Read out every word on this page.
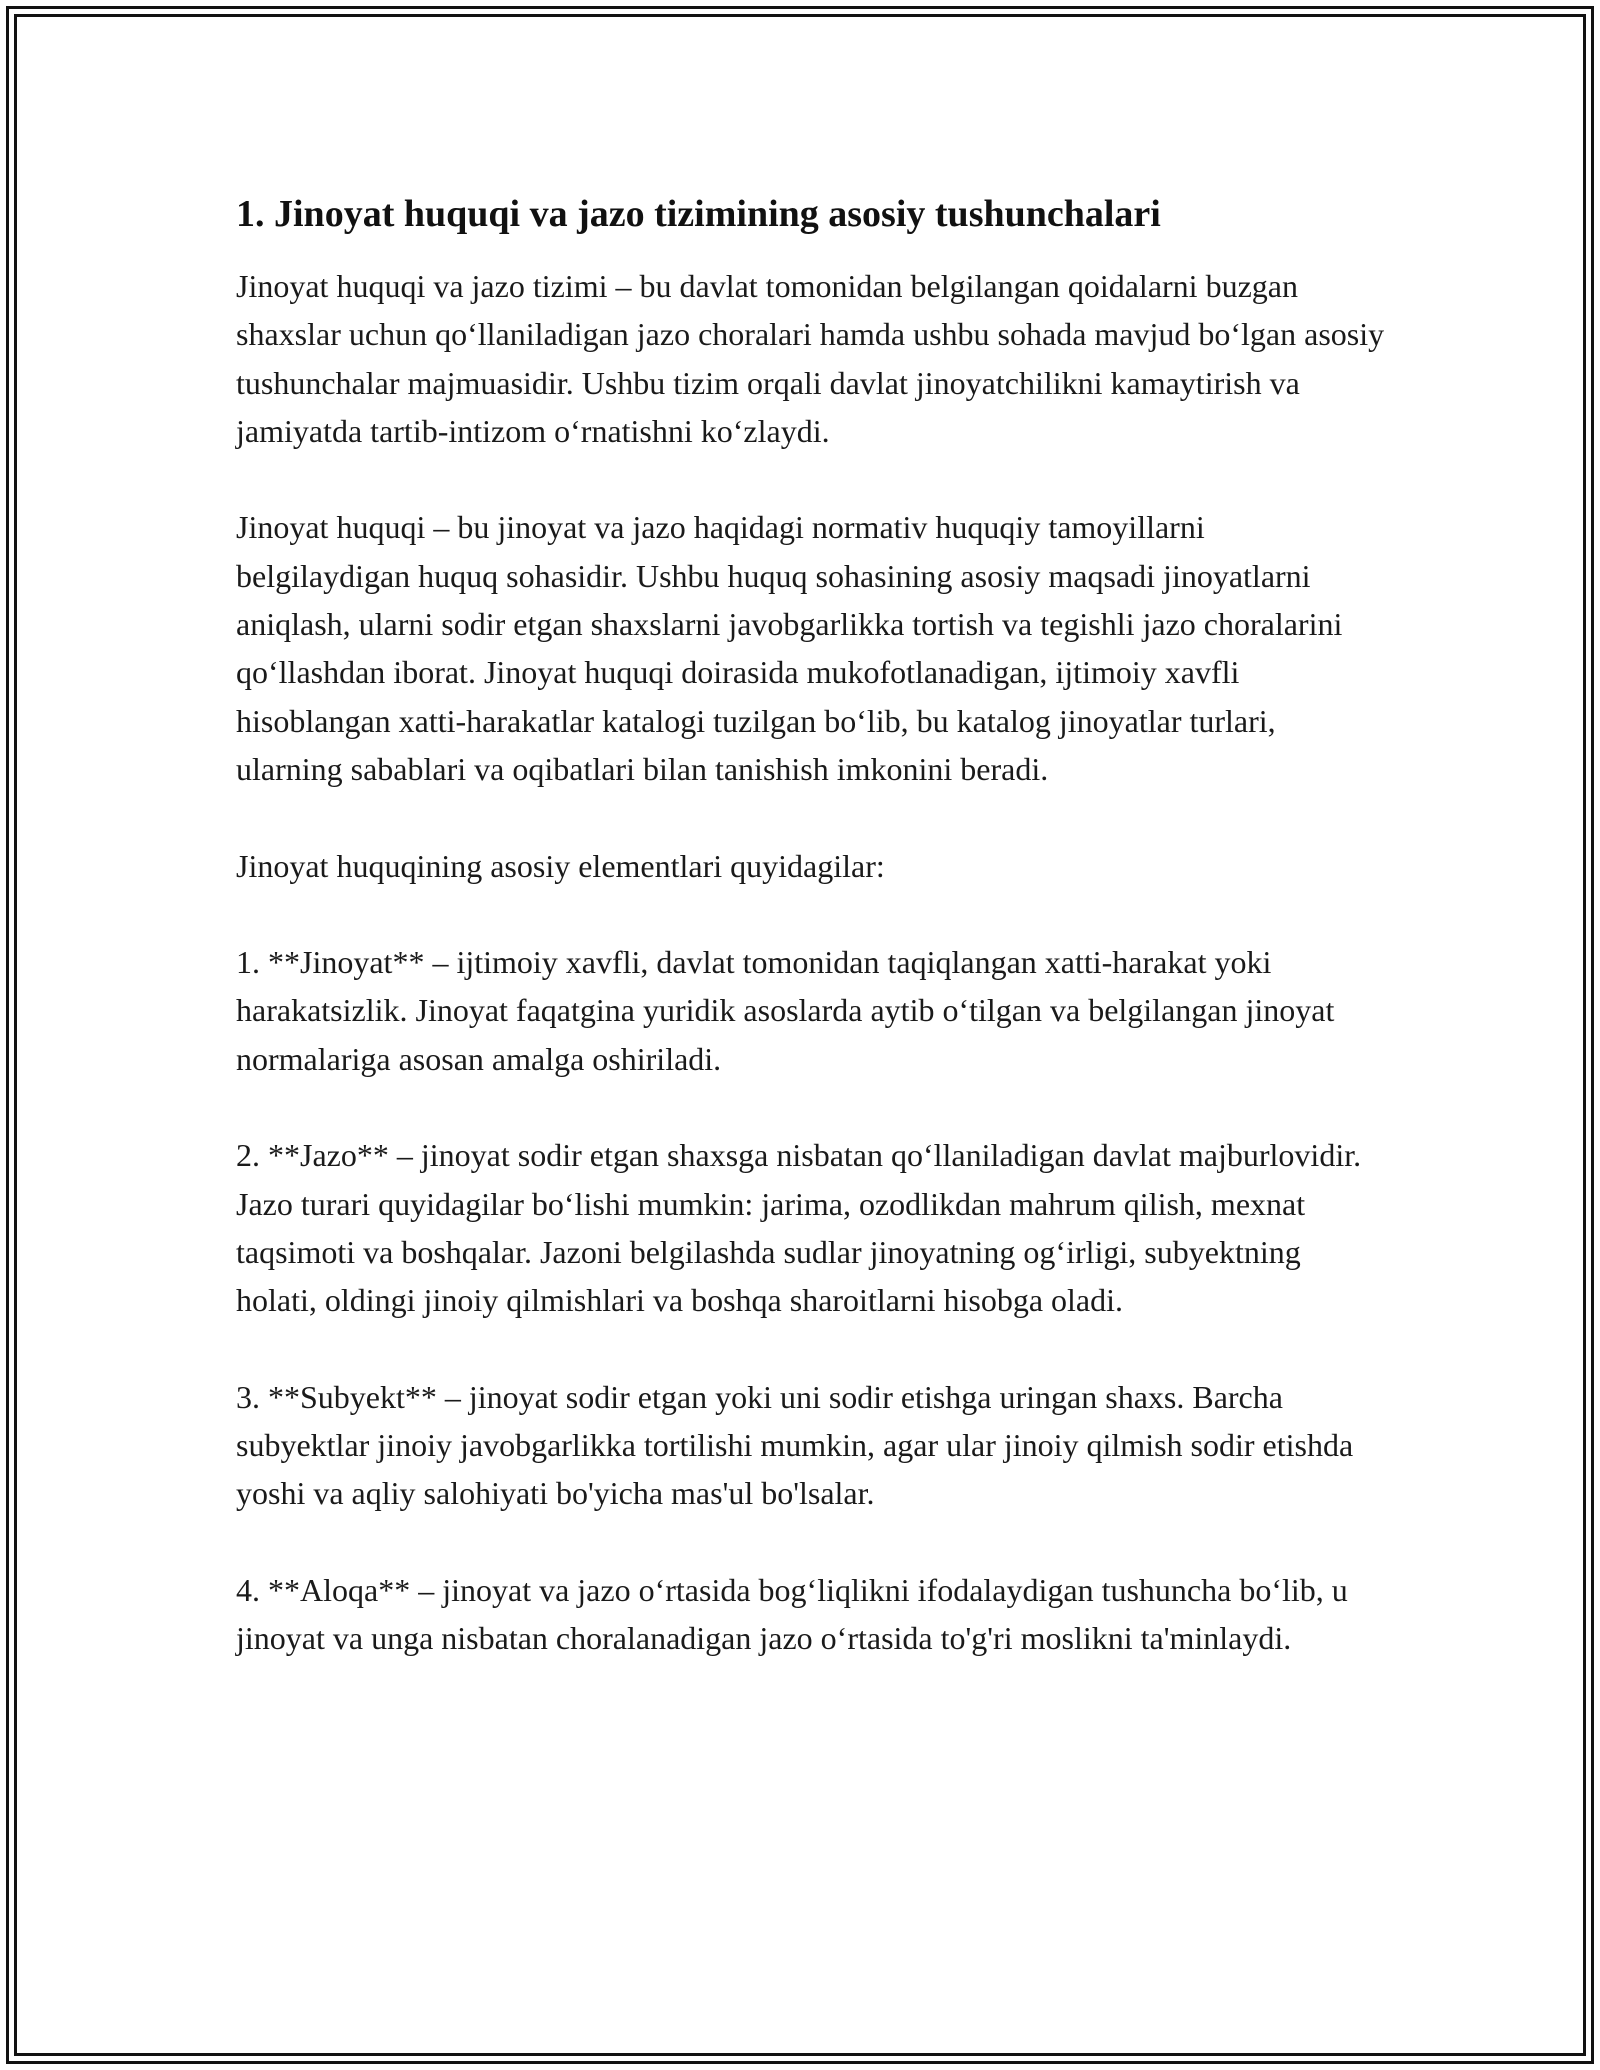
1. Jinoyat huquqi va jazo tizimining asosiy tushunchalari

Jinoyat huquqi va jazo tizimi – bu davlat tomonidan belgilangan qoidalarni buzgan shaxslar uchun qo‘llaniladigan jazo choralari hamda ushbu sohada mavjud bo‘lgan asosiy tushunchalar majmuasidir. Ushbu tizim orqali davlat jinoyatchilikni kamaytirish va jamiyatda tartib-intizom o‘rnatishni ko‘zlaydi.

Jinoyat huquqi – bu jinoyat va jazo haqidagi normativ huquqiy tamoyillarni belgilaydigan huquq sohasidir. Ushbu huquq sohasining asosiy maqsadi jinoyatlarni aniqlash, ularni sodir etgan shaxslarni javobgarlikka tortish va tegishli jazo choralarini qo‘llashdan iborat. Jinoyat huquqi doirasida mukofotlanadigan, ijtimoiy xavfli hisoblangan xatti-harakatlar katalogi tuzilgan bo‘lib, bu katalog jinoyatlar turlari, ularning sabablari va oqibatlari bilan tanishish imkonini beradi.

Jinoyat huquqining asosiy elementlari quyidagilar:

1. **Jinoyat** – ijtimoiy xavfli, davlat tomonidan taqiqlangan xatti-harakat yoki harakatsizlik. Jinoyat faqatgina yuridik asoslarda aytib o‘tilgan va belgilangan jinoyat normalariga asosan amalga oshiriladi.

2. **Jazo** – jinoyat sodir etgan shaxsga nisbatan qo‘llaniladigan davlat majburlovidir. Jazo turari quyidagilar bo‘lishi mumkin: jarima, ozodlikdan mahrum qilish, mexnat taqsimoti va boshqalar. Jazoni belgilashda sudlar jinoyatning og‘irligi, subyektning holati, oldingi jinoiy qilmishlari va boshqa sharoitlarni hisobga oladi.

3. **Subyekt** – jinoyat sodir etgan yoki uni sodir etishga uringan shaxs. Barcha subyektlar jinoiy javobgarlikka tortilishi mumkin, agar ular jinoiy qilmish sodir etishda yoshi va aqliy salohiyati bo'yicha mas'ul bo'lsalar.

4. **Aloqa** – jinoyat va jazo o‘rtasida bog‘liqlikni ifodalaydigan tushuncha bo‘lib, u jinoyat va unga nisbatan choralanadigan jazo o‘rtasida to'g'ri moslikni ta'minlaydi.
